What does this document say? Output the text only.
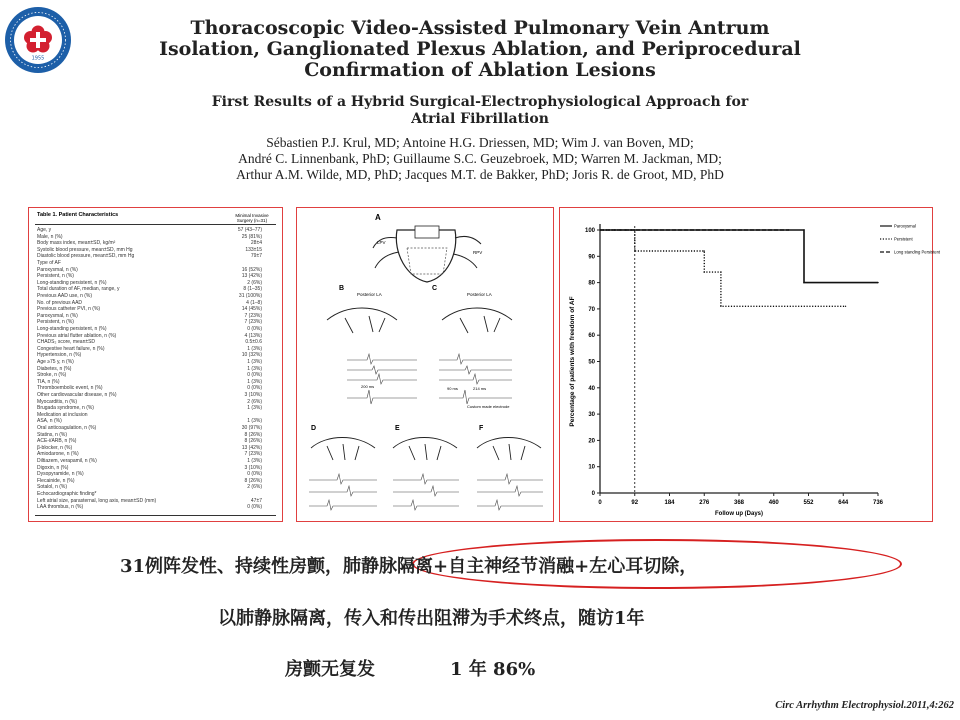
1955
Thoracoscopic Video-Assisted Pulmonary Vein Antrum
Isolation, Ganglionated Plexus Ablation, and Periprocedural
Confirmation of Ablation Lesions
First Results of a Hybrid Surgical-Electrophysiological Approach for
Atrial Fibrillation
Sébastien P.J. Krul, MD; Antoine H.G. Driessen, MD; Wim J. van Boven, MD;
André C. Linnenbank, PhD; Guillaume S.C. Geuzebroek, MD; Warren M. Jackman, MD;
Arthur A.M. Wilde, MD, PhD; Jacques M.T. de Bakker, PhD; Joris R. de Groot, MD, PhD
Table 1. Patient Characteristics	Minimal Invasive Surgery (n=31)
Age, y	57 (43–77)
Male, n (%)	25 (81%)
Body mass index, mean±SD, kg/m²	28±4
Systolic blood pressure, mean±SD, mm Hg	133±15
Diastolic blood pressure, mean±SD, mm Hg	79±7
Type of AF
Paroxysmal, n (%)	16 (52%)
Persistent, n (%)	13 (42%)
Long-standing persistent, n (%)	2 (6%)
Total duration of AF, median, range, y	8 (1–35)
Previous AAD use, n (%)	31 (100%)
No. of previous AAD	4 (1–8)
Previous catheter PVI, n (%)	14 (45%)
Paroxysmal, n (%)	7 (23%)
Persistent, n (%)	7 (23%)
Long-standing persistent, n (%)	0 (0%)
Previous atrial flutter ablation, n (%)	4 (13%)
CHADS₂ score, mean±SD	0.5±0.6
Congestive heart failure, n (%)	1 (3%)
Hypertension, n (%)	10 (32%)
Age ≥75 y, n (%)	1 (3%)
Diabetes, n (%)	1 (3%)
Stroke, n (%)	0 (0%)
TIA, n (%)	1 (3%)
Thromboembolic event, n (%)	0 (0%)
Other cardiovascular disease, n (%)	3 (10%)
Myocarditis, n (%)	2 (6%)
Brugada syndrome, n (%)	1 (3%)
Medication at inclusion
ASA, n (%)	1 (3%)
Oral anticoagulation, n (%)	30 (97%)
Statins, n (%)	8 (26%)
ACE-i/ARB, n (%)	8 (26%)
β-blocker, n (%)	13 (42%)
Amiodarone, n (%)	7 (23%)
Diltiazem, verapamil, n (%)	1 (3%)
Digoxin, n (%)	3 (10%)
Dysopyramide, n (%)	0 (0%)
Flecainide, n (%)	8 (26%)
Sotalol, n (%)	2 (6%)
Echocardiographic finding*
Left atrial size, parasternal, long axis, mean±SD (mm)	47±7
LAA thrombus, n (%)	0 (0%)
A
LPV
RPV
B	C
Posterior LA	Posterior LA
200 ms	90 ms	214 ms
Custom made electrode
D	E	F
0
10
20
30
40
50
60
70
80
90
100
0	92	184	276	368	460	552	644	736
Paroxysmal
Persistent
Long standing Persistent
Follow up (Days)
Percentage of patients with freedom of AF
31例阵发性、持续性房颤，肺静脉隔离+自主神经节消融+左心耳切除，
以肺静脉隔离，传入和传出阻滞为手术终点，随访1年
房颤无复发	1 年 86%
Circ Arrhythm Electrophysiol.2011,4:262
